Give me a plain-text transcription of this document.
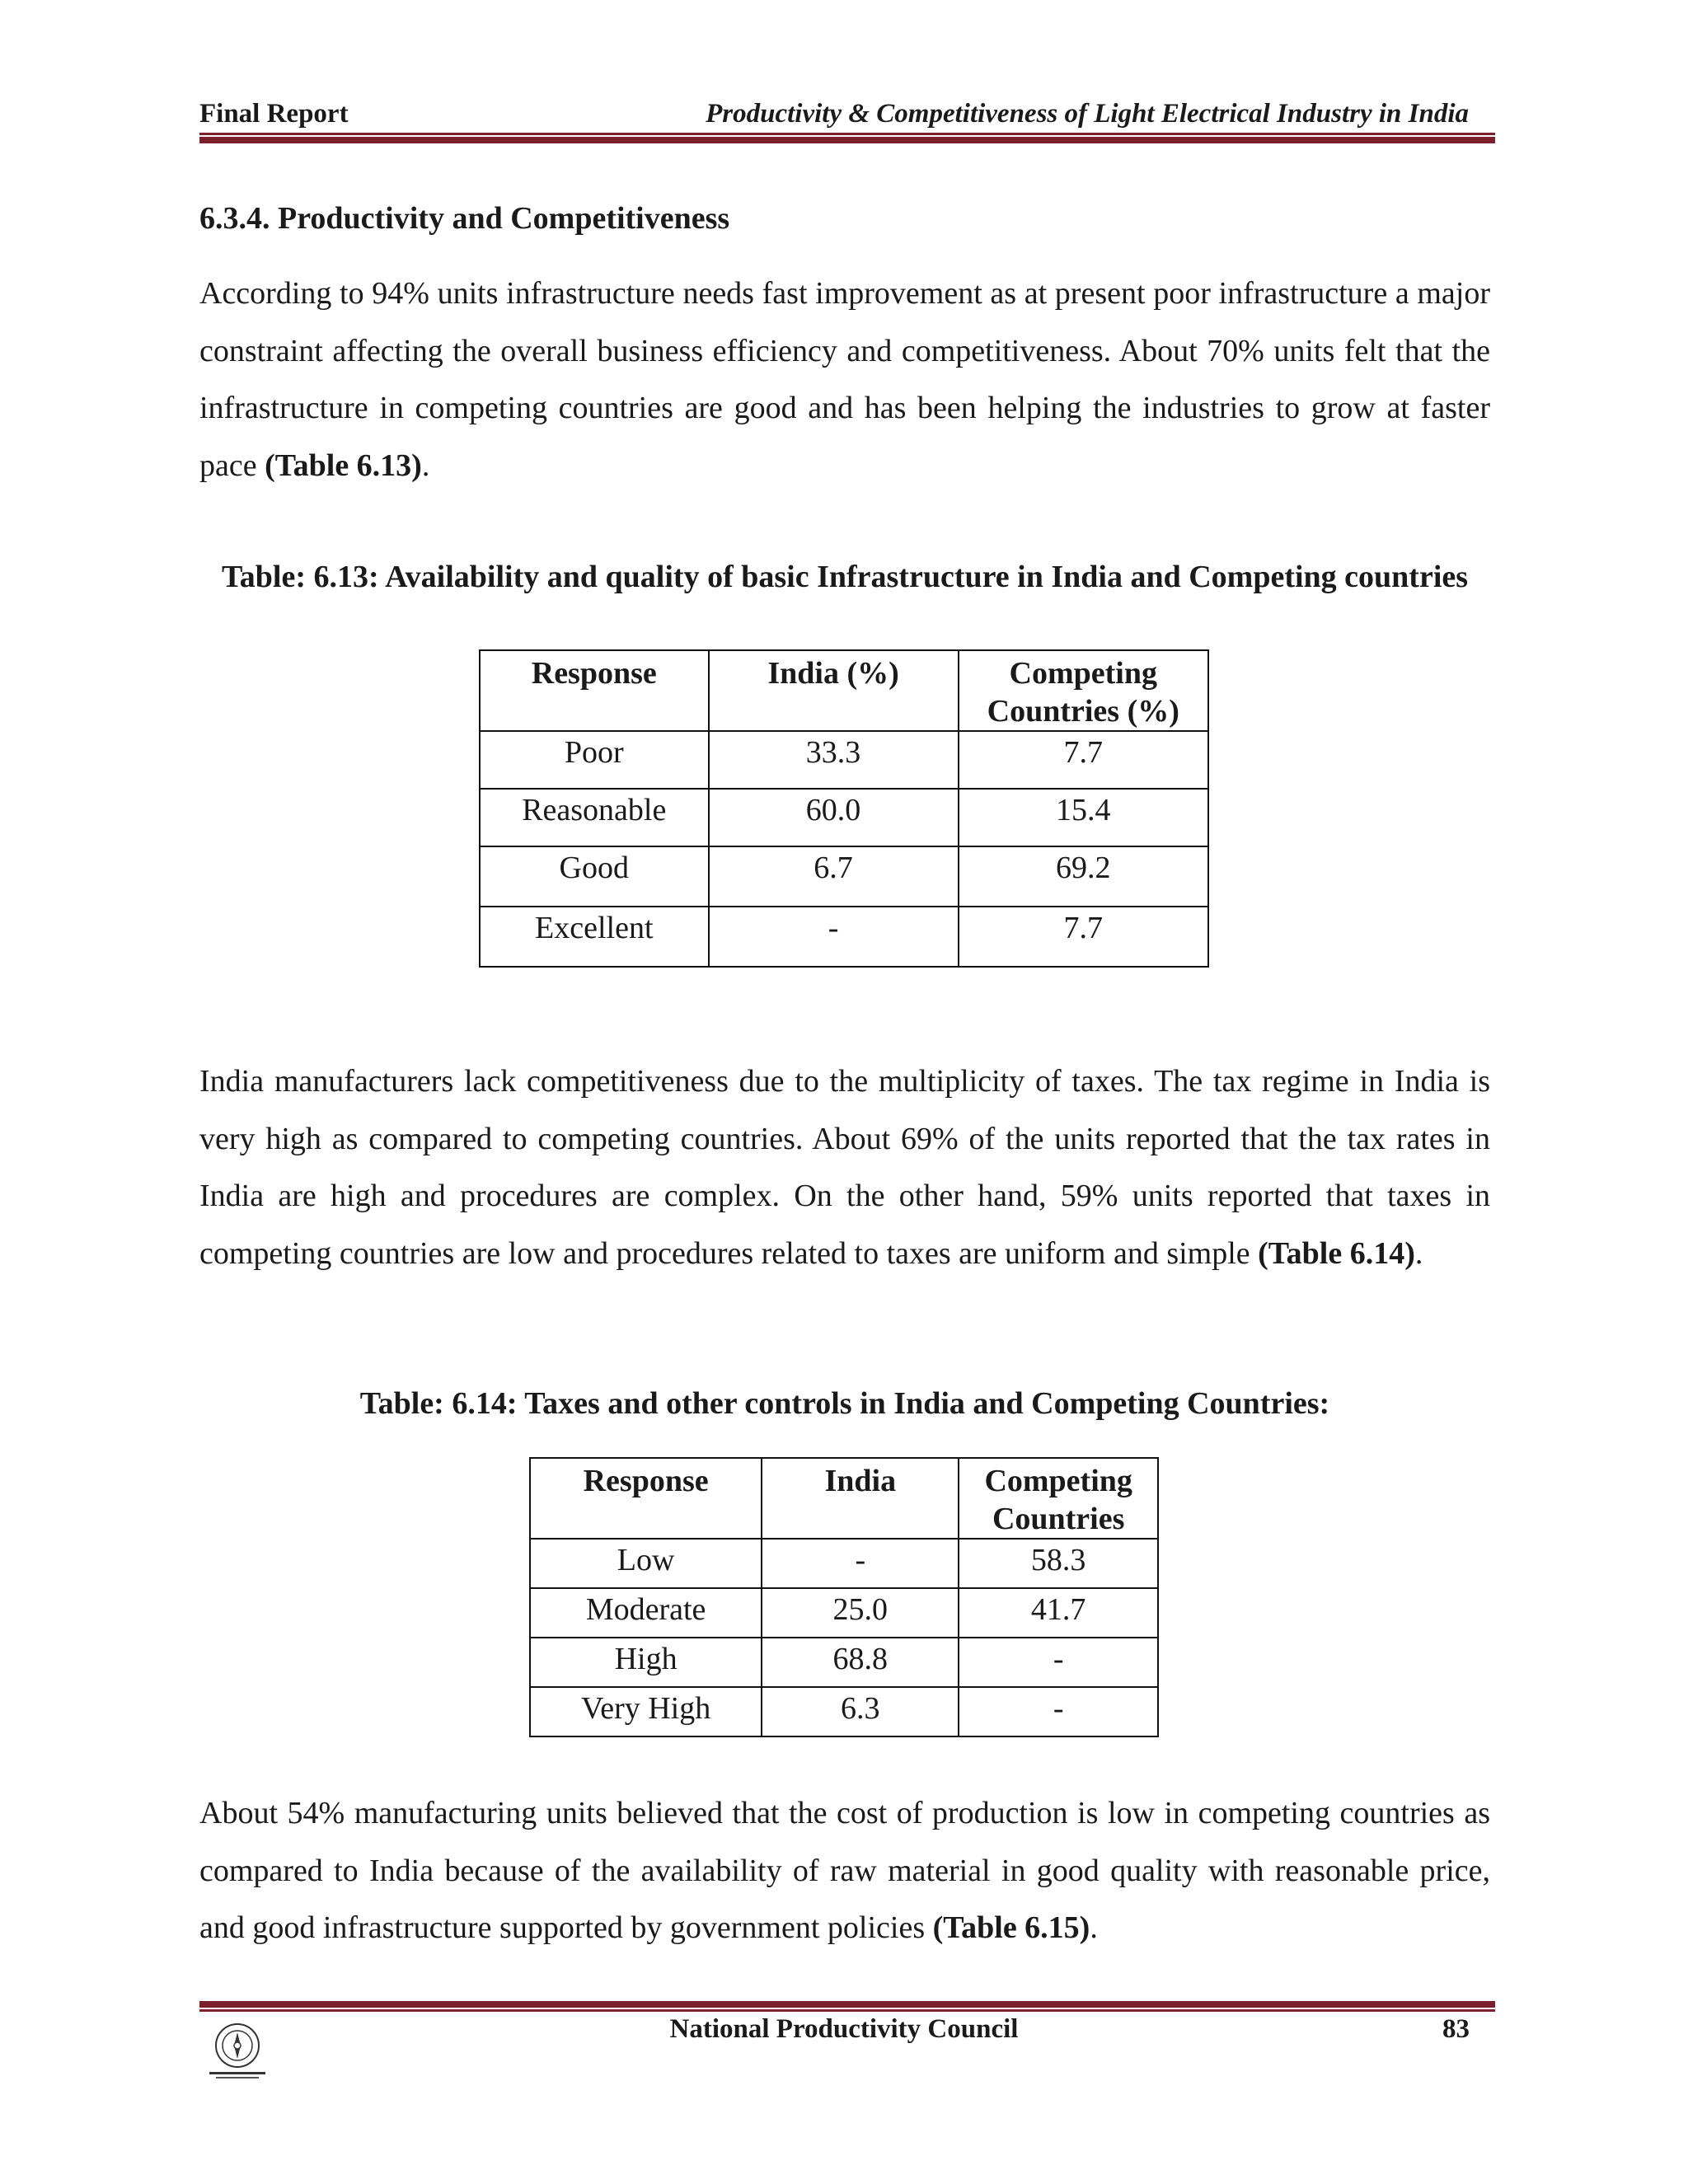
Final Report	Productivity & Competitiveness of Light Electrical Industry in India
6.3.4. Productivity and Competitiveness
According to 94% units infrastructure needs fast improvement as at present poor infrastructure a major constraint affecting the overall business efficiency and competitiveness. About 70% units felt that the infrastructure in competing countries are good and has been helping the industries to grow at faster pace (Table 6.13).
Table: 6.13: Availability and quality of basic Infrastructure in India and Competing countries
Response	India (%)	Competing Countries (%)
Poor	33.3	7.7
Reasonable	60.0	15.4
Good	6.7	69.2
Excellent	-	7.7
India manufacturers lack competitiveness due to the multiplicity of taxes. The tax regime in India is very high as compared to competing countries. About 69% of the units reported that the tax rates in India are high and procedures are complex. On the other hand, 59% units reported that taxes in competing countries are low and procedures related to taxes are uniform and simple (Table 6.14).
Table: 6.14: Taxes and other controls in India and Competing Countries:
Response	India	Competing Countries
Low	-	58.3
Moderate	25.0	41.7
High	68.8	-
Very High	6.3	-
About 54% manufacturing units believed that the cost of production is low in competing countries as compared to India because of the availability of raw material in good quality with reasonable price, and good infrastructure supported by government policies (Table 6.15).
National Productivity Council	83
